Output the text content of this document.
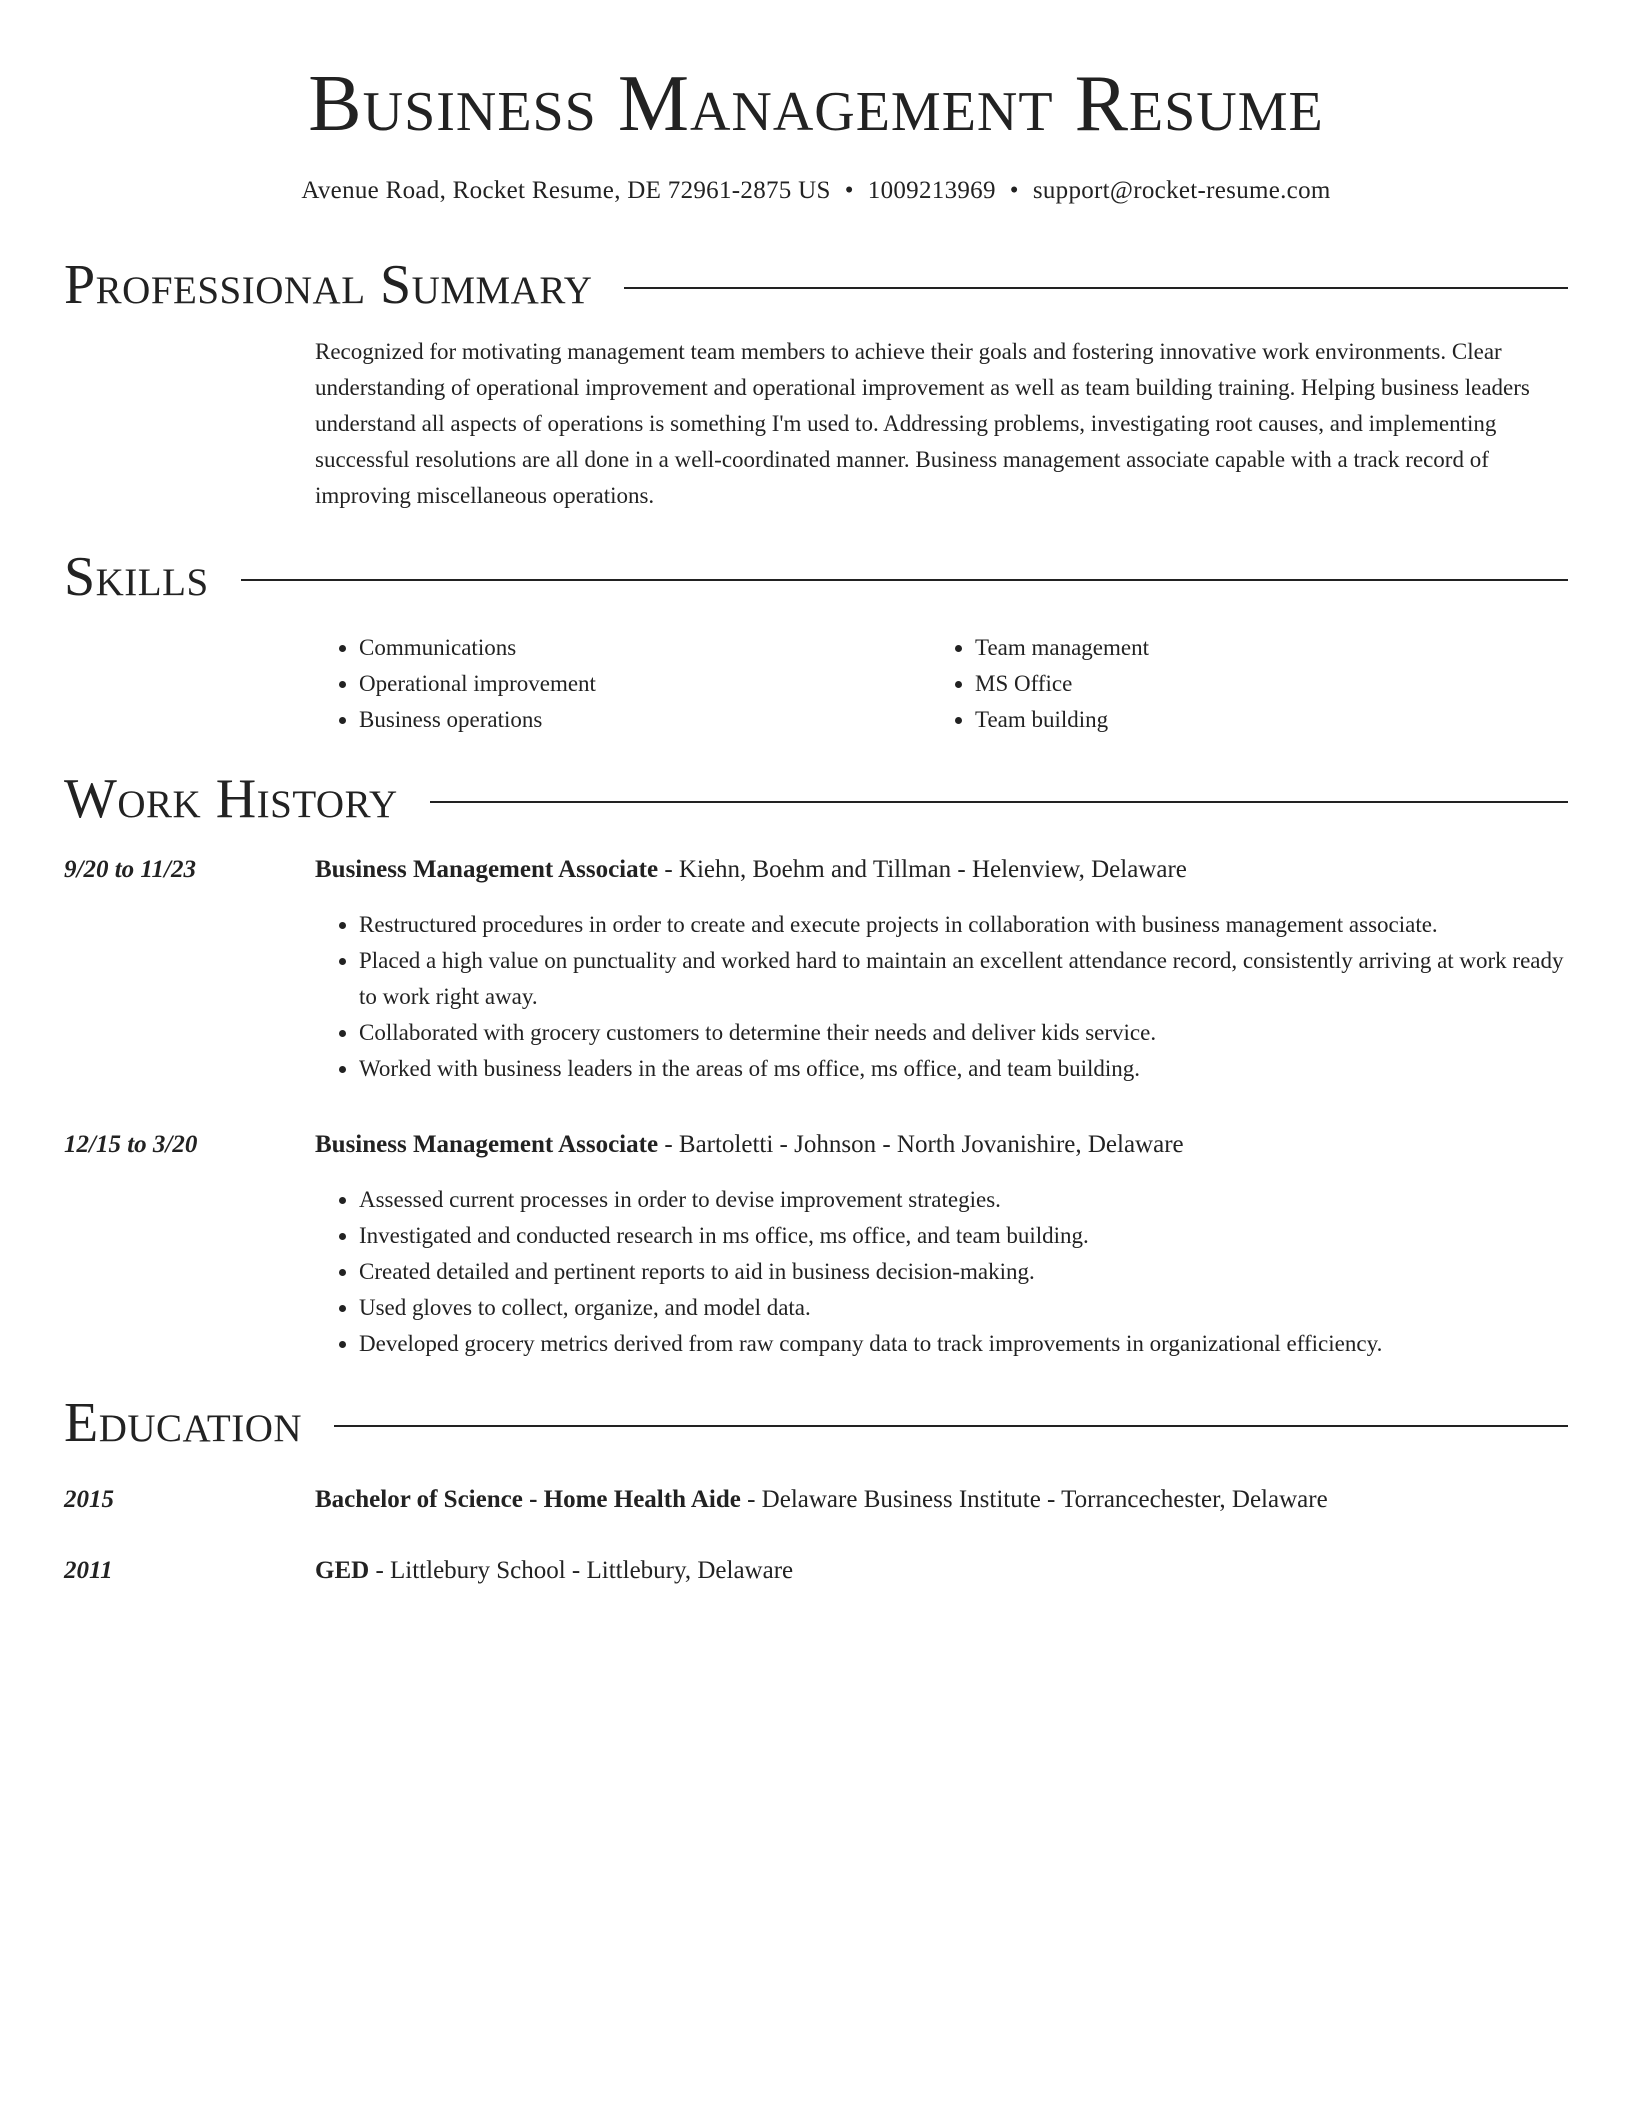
Business Management Resume
Avenue Road, Rocket Resume, DE 72961-2875 US • 1009213969 • support@rocket-resume.com
Professional Summary

Recognized for motivating management team members to achieve their goals and fostering innovative work environments. Clear understanding of operational improvement and operational improvement as well as team building training. Helping business leaders understand all aspects of operations is something I'm used to. Addressing problems, investigating root causes, and implementing successful resolutions are all done in a well-coordinated manner. Business management associate capable with a track record of improving miscellaneous operations.

Skills
• Communications
• Operational improvement
• Business operations
• Team management
• MS Office
• Team building
Work History
9/20 to 11/23	Business Management Associate - Kiehn, Boehm and Tillman - Helenview, Delaware
• Restructured procedures in order to create and execute projects in collaboration with business management associate.
• Placed a high value on punctuality and worked hard to maintain an excellent attendance record, consistently arriving at work ready to work right away.
• Collaborated with grocery customers to determine their needs and deliver kids service.
• Worked with business leaders in the areas of ms office, ms office, and team building.
12/15 to 3/20	Business Management Associate - Bartoletti - Johnson - North Jovanishire, Delaware
• Assessed current processes in order to devise improvement strategies.
• Investigated and conducted research in ms office, ms office, and team building.
• Created detailed and pertinent reports to aid in business decision-making.
• Used gloves to collect, organize, and model data.
• Developed grocery metrics derived from raw company data to track improvements in organizational efficiency.
Education
2015	Bachelor of Science - Home Health Aide - Delaware Business Institute - Torrancechester, Delaware
2011	GED - Littlebury School - Littlebury, Delaware
